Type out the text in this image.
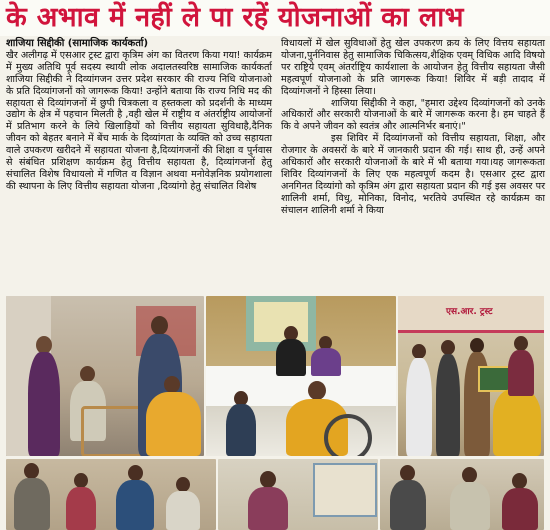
के अभाव में नहीं ले पा रहें योजनाओं का लाभ
शाजिया सिद्दीकी (सामाजिक कार्यकर्ता)

खैर अलीगढ़ में एसआर ट्रस्ट द्वारा कृत्रिम अंग का वितरण किया गया! कार्यक्रम में मुख्य अतिथि पूर्व सदस्य स्थायी लोक अदालतस्वरिष्ठ सामाजिक कार्यकर्ता शाजिया सिद्दीकी ने दिव्यांगजन उत्तर प्रदेश सरकार की राज्य निधि योजनाओ के प्रति दिव्यांगजनों को जागरूक किया! उन्होंने बताया कि राज्य निधि मद की सहायता से दिव्यांगजनों में छुपी चित्रकला व हस्तकला को प्रदर्शनी के माध्यम उद्योग के क्षेत्र में पहचान मिलती है ,वही खेल में राष्ट्रीय व अंतर्राष्ट्रीय आयोजनों में प्रतिभाग करने के लिये खिलाड़ियों को वित्तीय सहायता सुविधाहै,दैनिक जीवन को बेहतर बनाने में बेंच मार्क के दिव्यांगता के व्यक्ति को उच्च सहायता वाले उपकरण खरीदने में सहायता योजना है,दिव्यांगजनों की शिक्षा व पुर्नवास से संबंधित प्रशिक्षण कार्यक्रम हेतु वित्तीय सहायता है, दिव्यांगजनों हेतु संचालित विशेष विधायलो में गणित व विज्ञान अथवा मनोवेज्ञनिक प्रयोगशाला की स्थापना के लिए वित्तीय सहायता योजना ,दिव्यांगो हेतु संचालित विशेष

विधायलों में खेल सुविधाओं हेतु खेल उपकरण क्रय के लिए वित्तय सहायता योजना,पुर्ननिवास हेतु सामाजिक चिकित्सय,शैक्षिक एवम् विधिक आदि विषयो पर राष्ट्रिये एवम् अंतर्राष्ट्रिय कार्यशाला के आयोजन हेतु वित्तीय सहायता जैसी महत्वपूर्ण योजनाओ के प्रति जागरूक किया! शिविर में बड़ी तादाद में दिव्यांगजनों ने हिस्सा लिया।

शाजिया सिद्दीकी ने कहा, "हमारा उद्देश्य दिव्यांगजनों को उनके अधिकारों और सरकारी योजनाओं के बारे में जागरूक करना है। हम चाहते हैं कि वे अपने जीवन को स्वतंत्र और आत्मनिर्भर बनाएं।"

इस शिविर में दिव्यांगजनों को वित्तीय सहायता, शिक्षा, और रोजगार के अवसरों के बारे में जानकारी प्रदान की गई। साथ ही, उन्हें अपने अधिकारों और सरकारी योजनाओं के बारे में भी बताया गया।यह जागरूकता शिविर दिव्यांगजनों के लिए एक महत्वपूर्ण कदम है। एसआर ट्रस्ट द्वारा अनगिनत दिव्यांगो को कृत्रिम अंग द्वारा सहायता प्रदान की गई इस अवसर पर शालिनी शर्मा, विधु, मोनिका, विनोद, भरतिये उपस्थित रहे कार्यक्रम का संचालन शालिनी शर्मा ने किया

एस.आर. ट्रस्ट
